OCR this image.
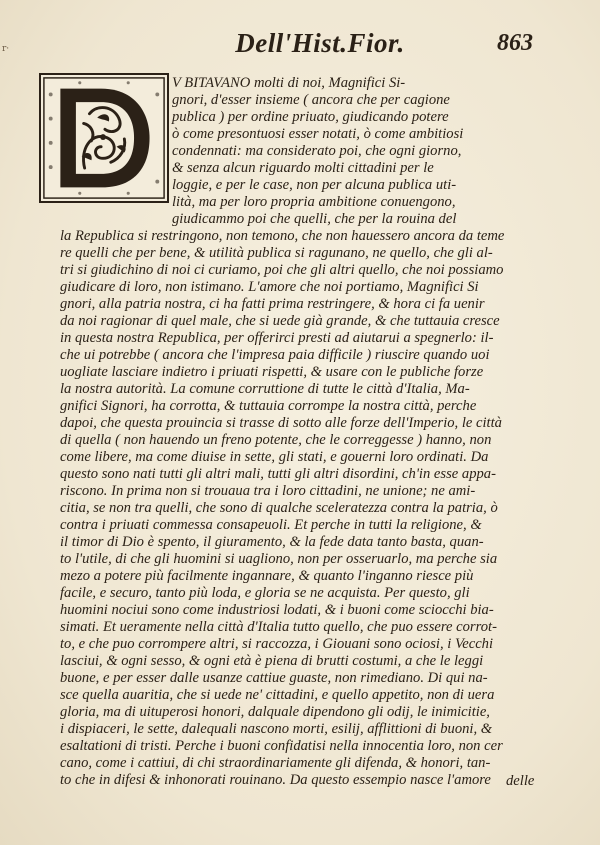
r·	Dell'Hist.Fior.	863
V BITAVANO molti di noi, Magnifici Si-
gnori, d'esser insieme ( ancora che per cagione
publica ) per ordine priuato, giudicando potere
ò come presontuosi esser notati, ò come ambitiosi
condennati: ma considerato poi, che ogni giorno,
& senza alcun riguardo molti cittadini per le
loggie, e per le case, non per alcuna publica uti-
lità, ma per loro propria ambitione conuengono,
giudicammo poi che quelli, che per la rouina del
la Republica si restringono, non temono, che non hauessero ancora da teme
re quelli che per bene, & utilità publica si ragunano, ne quello, che gli al-
tri si giudichino di noi ci curiamo, poi che gli altri quello, che noi possiamo
giudicare di loro, non istimano. L'amore che noi portiamo, Magnifici Si
gnori, alla patria nostra, ci ha fatti prima restringere, & hora ci fa uenir
da noi ragionar di quel male, che si uede già grande, & che tuttauia cresce
in questa nostra Republica, per offerirci presti ad aiutarui a spegnerlo: il-
che ui potrebbe ( ancora che l'impresa paia difficile ) riuscire quando uoi
uogliate lasciare indietro i priuati rispetti, & usare con le publiche forze
la nostra autorità. La comune corruttione di tutte le città d'Italia, Ma-
gnifici Signori, ha corrotta, & tuttauia corrompe la nostra città, perche
dapoi, che questa prouincia si trasse di sotto alle forze dell'Imperio, le città
di quella ( non hauendo un freno potente, che le correggesse ) hanno, non
come libere, ma come diuise in sette, gli stati, e gouerni loro ordinati. Da
questo sono nati tutti gli altri mali, tutti gli altri disordini, ch'in esse appa-
riscono. In prima non si trouaua tra i loro cittadini, ne unione; ne ami-
citia, se non tra quelli, che sono di qualche sceleratezza contra la patria, ò
contra i priuati commessa consapeuoli. Et perche in tutti la religione, &
il timor di Dio è spento, il giuramento, & la fede data tanto basta, quan-
to l'utile, di che gli huomini si uagliono, non per osseruarlo, ma perche sia
mezo a potere più facilmente ingannare, & quanto l'inganno riesce più
facile, e securo, tanto più loda, e gloria se ne acquista. Per questo, gli
huomini nociui sono come industriosi lodati, & i buoni come sciocchi bia-
simati. Et ueramente nella città d'Italia tutto quello, che puo essere corrot-
to, e che puo corrompere altri, si raccozza, i Giouani sono ociosi, i Vecchi
lasciui, & ogni sesso, & ogni età è piena di brutti costumi, a che le leggi
buone, e per esser dalle usanze cattiue guaste, non rimediano. Di qui na-
sce quella auaritia, che si uede ne' cittadini, e quello appetito, non di uera
gloria, ma di uituperosi honori, dalquale dipendono gli odij, le inimicitie,
i dispiaceri, le sette, dalequali nascono morti, esilij, afflittioni di buoni, &
esaltationi di tristi. Perche i buoni confidatisi nella innocentia loro, non cer
cano, come i cattiui, di chi straordinariamente gli difenda, & honori, tan-
to che in difesi & inhonorati rouinano. Da questo essempio nasce l'amore delle
